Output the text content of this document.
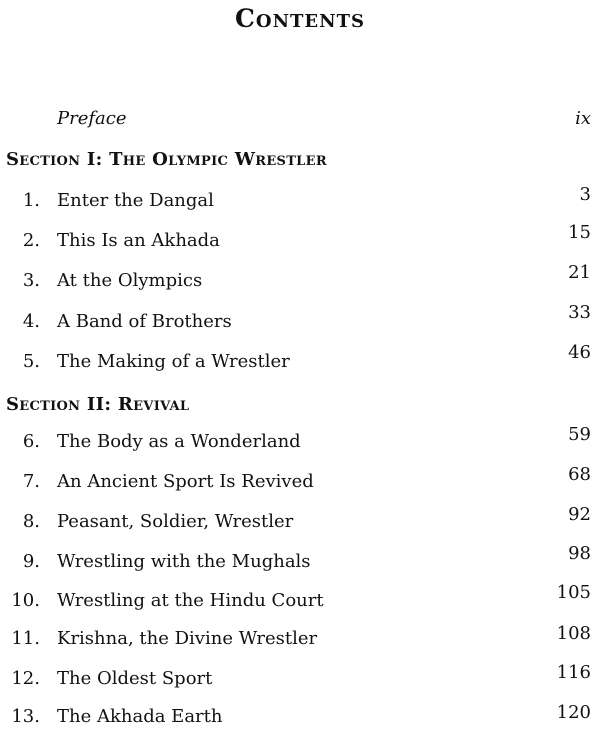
Contents
Preface	ix
Section I: The Olympic Wrestler
1. Enter the Dangal	3
2. This Is an Akhada	15
3. At the Olympics	21
4. A Band of Brothers	33
5. The Making of a Wrestler	46
Section II: Revival
6. The Body as a Wonderland	59
7. An Ancient Sport Is Revived	68
8. Peasant, Soldier, Wrestler	92
9. Wrestling with the Mughals	98
10. Wrestling at the Hindu Court	105
11. Krishna, the Divine Wrestler	108
12. The Oldest Sport	116
13. The Akhada Earth	120
